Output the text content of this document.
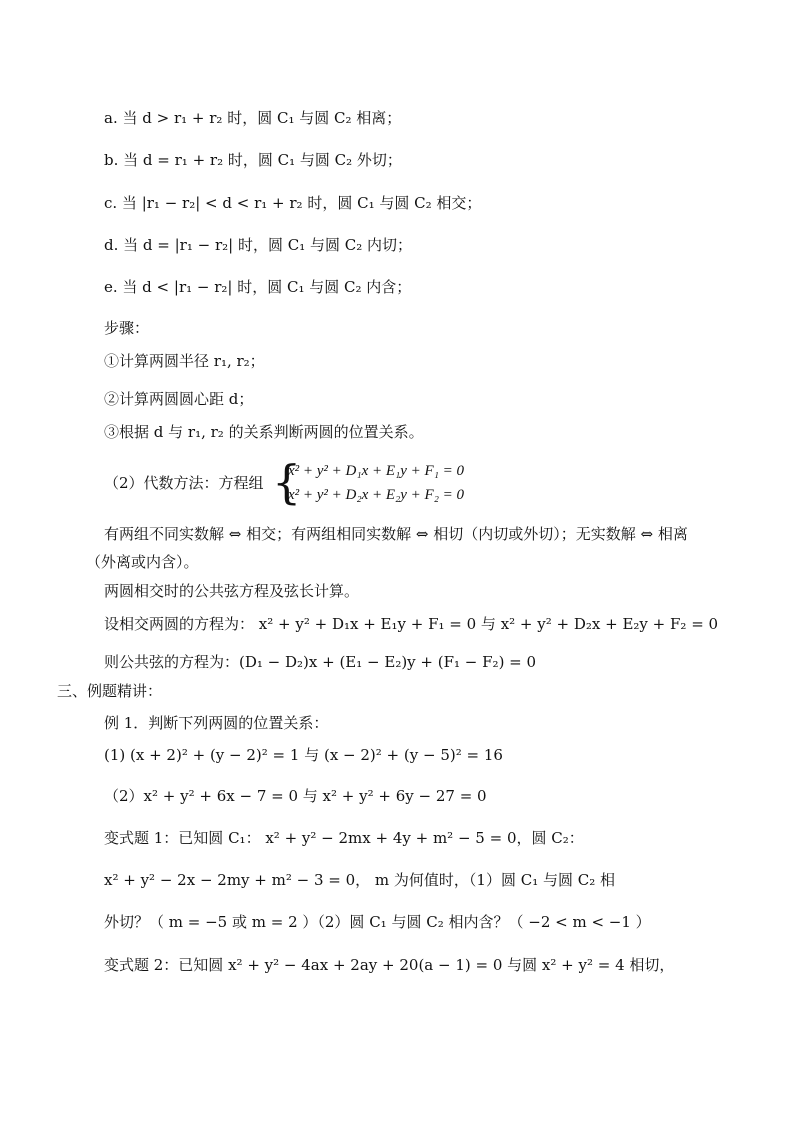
a. 当 d > r₁ + r₂ 时，圆 C₁ 与圆 C₂ 相离；
b. 当 d = r₁ + r₂ 时，圆 C₁ 与圆 C₂ 外切；
c. 当 |r₁ − r₂| < d < r₁ + r₂ 时，圆 C₁ 与圆 C₂ 相交；
d. 当 d = |r₁ − r₂| 时，圆 C₁ 与圆 C₂ 内切；
e. 当 d < |r₁ − r₂| 时，圆 C₁ 与圆 C₂ 内含；
步骤：
①计算两圆半径 r₁, r₂；
②计算两圆圆心距 d；
③根据 d 与 r₁, r₂ 的关系判断两圆的位置关系。
（2）代数方法：方程组 {
x² + y² + D₁x + E₁y + F₁ = 0
x² + y² + D₂x + E₂y + F₂ = 0
有两组不同实数解 ⇔ 相交；有两组相同实数解 ⇔ 相切（内切或外切）；无实数解 ⇔ 相离
（外离或内含）。
两圆相交时的公共弦方程及弦长计算。
设相交两圆的方程为： x² + y² + D₁x + E₁y + F₁ = 0 与 x² + y² + D₂x + E₂y + F₂ = 0
则公共弦的方程为：(D₁ − D₂)x + (E₁ − E₂)y + (F₁ − F₂) = 0
三、例题精讲：
例 1．判断下列两圆的位置关系：
(1) (x + 2)² + (y − 2)² = 1 与 (x − 2)² + (y − 5)² = 16
（2）x² + y² + 6x − 7 = 0 与 x² + y² + 6y − 27 = 0
变式题 1：已知圆 C₁： x² + y² − 2mx + 4y + m² − 5 = 0，圆 C₂：
x² + y² − 2x − 2my + m² − 3 = 0， m 为何值时，（1）圆 C₁ 与圆 C₂ 相
外切？（ m = −5 或 m = 2 ）（2）圆 C₁ 与圆 C₂ 相内含？（ −2 < m < −1 ）
变式题 2：已知圆 x² + y² − 4ax + 2ay + 20(a − 1) = 0 与圆 x² + y² = 4 相切，
